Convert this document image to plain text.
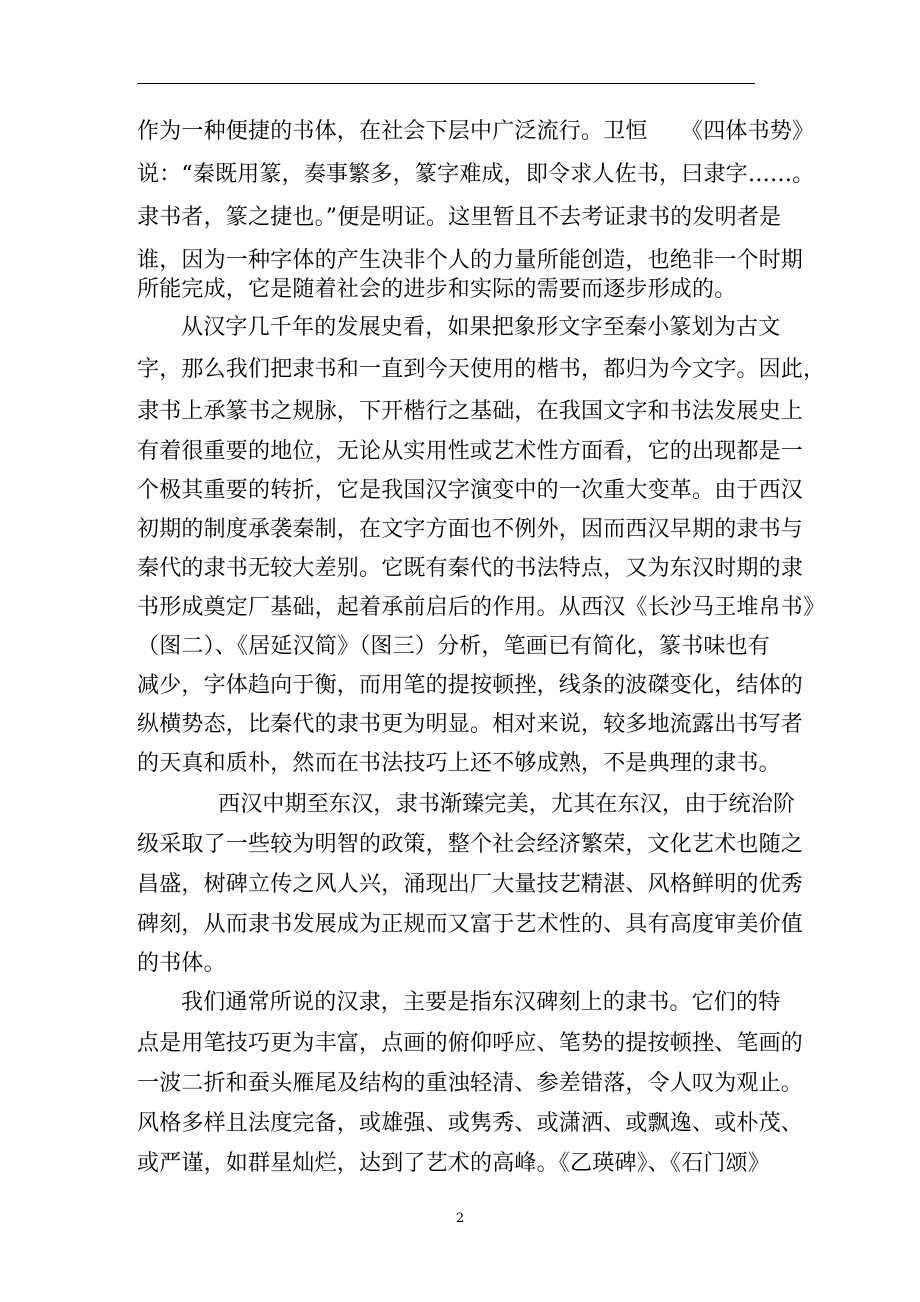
作为一种便捷的书体，在社会下层中广泛流行。卫恒　　《四体书势》
说：“秦既用篆，奏事繁多，篆字难成，即令求人佐书，曰隶字……。
隶书者，篆之捷也。”便是明证。这里暂且不去考证隶书的发明者是
谁，因为一种字体的产生决非个人的力量所能创造，也绝非一个时期
所能完成，它是随着社会的进步和实际的需要而逐步形成的。
从汉字几千年的发展史看，如果把象形文字至秦小篆划为古文
字，那么我们把隶书和一直到今天使用的楷书，都归为今文字。因此，
隶书上承篆书之规脉，下开楷行之基础，在我国文字和书法发展史上
有着很重要的地位，无论从实用性或艺术性方面看，它的出现都是一
个极其重要的转折，它是我国汉字演变中的一次重大变革。由于西汉
初期的制度承袭秦制，在文字方面也不例外，因而西汉早期的隶书与
秦代的隶书无较大差别。它既有秦代的书法特点，又为东汉时期的隶
书形成奠定厂基础，起着承前启后的作用。从西汉《长沙马王堆帛书》
（图二）、《居延汉简》（图三）分析，笔画已有简化，篆书味也有
减少，字体趋向于衡，而用笔的提按顿挫，线条的波磔变化，结体的
纵横势态，比秦代的隶书更为明显。相对来说，较多地流露出书写者
的天真和质朴，然而在书法技巧上还不够成熟，不是典理的隶书。
西汉中期至东汉，隶书渐臻完美，尤其在东汉，由于统治阶
级采取了一些较为明智的政策，整个社会经济繁荣，文化艺术也随之
昌盛，树碑立传之风人兴，涌现出厂大量技艺精湛、风格鲜明的优秀
碑刻，从而隶书发展成为正规而又富于艺术性的、具有高度审美价值
的书体。
我们通常所说的汉隶，主要是指东汉碑刻上的隶书。它们的特
点是用笔技巧更为丰富，点画的俯仰呼应、笔势的提按顿挫、笔画的
一波二折和蚕头雁尾及结构的重浊轻清、参差错落，令人叹为观止。
风格多样且法度完备，或雄强、或隽秀、或潇洒、或飘逸、或朴茂、
或严谨，如群星灿烂，达到了艺术的高峰。《乙瑛碑》、《石门颂》
2
